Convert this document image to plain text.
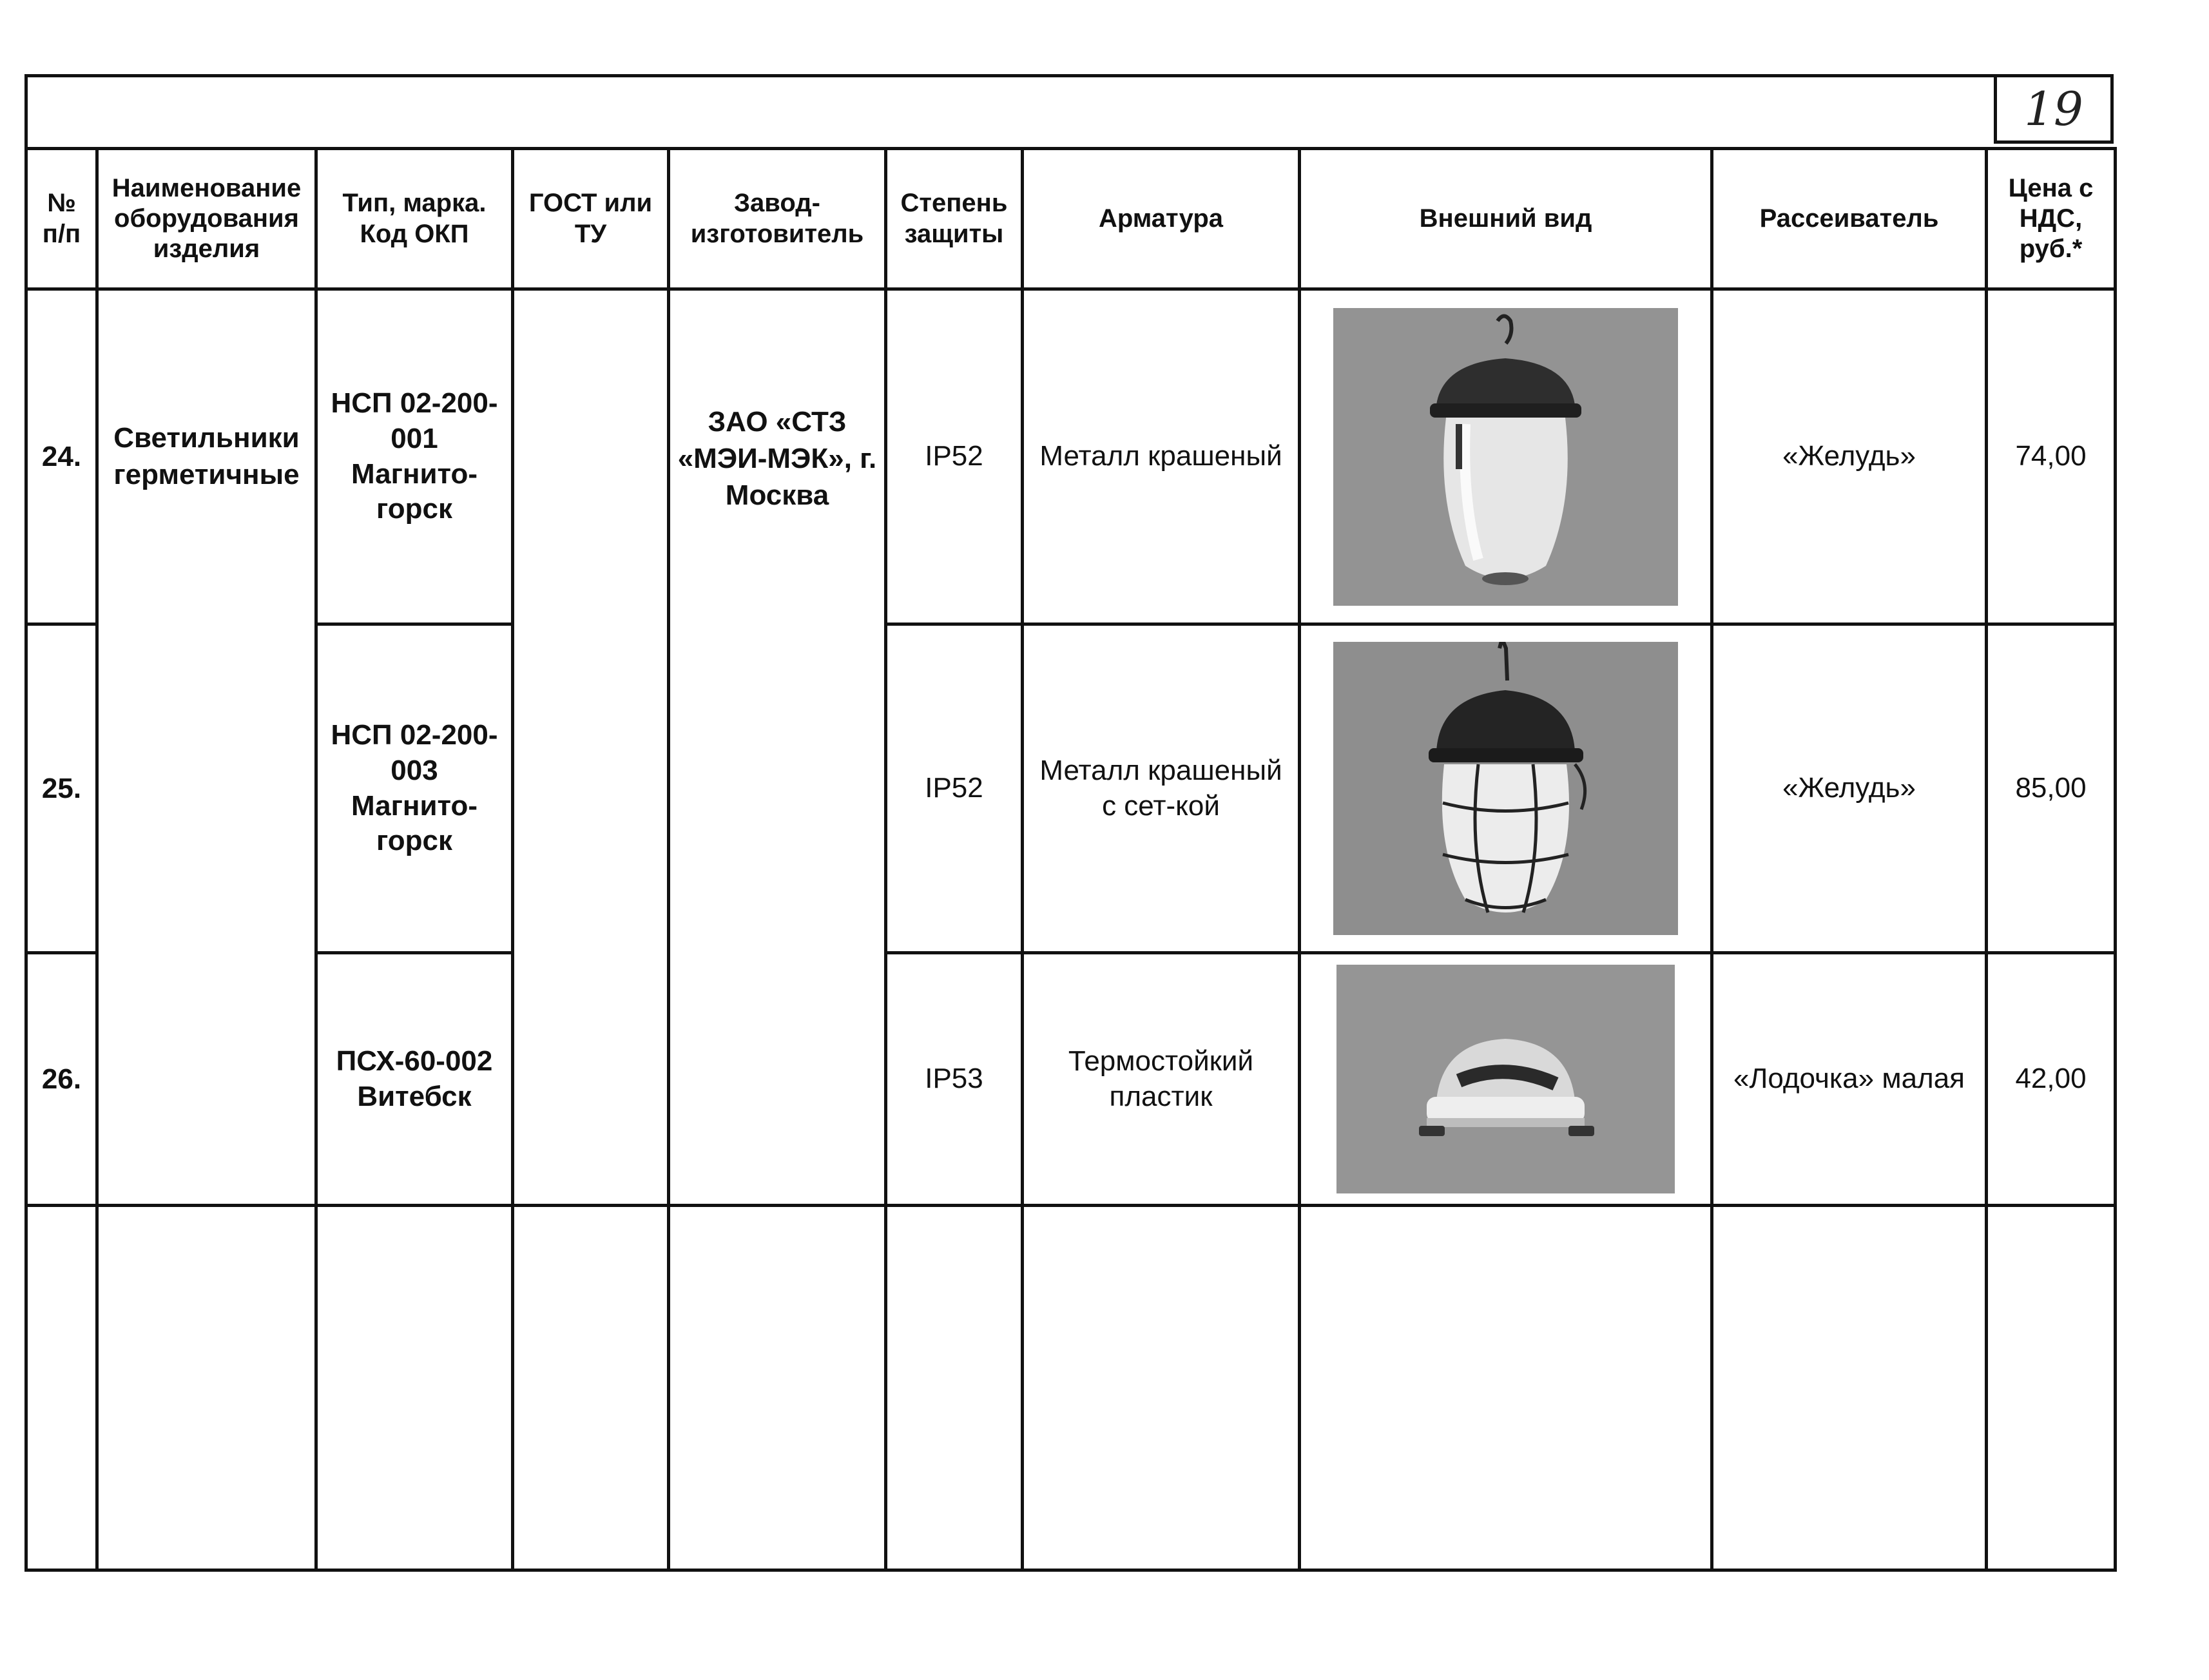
19
№ п/п	Наименование оборудования изделия	Тип, марка. Код ОКП	ГОСТ или ТУ	Завод-изготовитель	Степень защиты	Арматура	Внешний вид	Рассеиватель	Цена с НДС, руб.*
24.	Светильники герметичные	НСП 02-200-001 Магнито-горск		ЗАО «СТЗ «МЭИ-МЭК», г. Москва	IP52	Металл крашеный		«Желудь»	74,00
25.		НСП 02-200-003 Магнито-горск			IP52	Металл крашеный с сет-кой		«Желудь»	85,00
26.		ПСХ-60-002 Витебск			IP53	Термостойкий пластик		«Лодочка» малая	42,00
